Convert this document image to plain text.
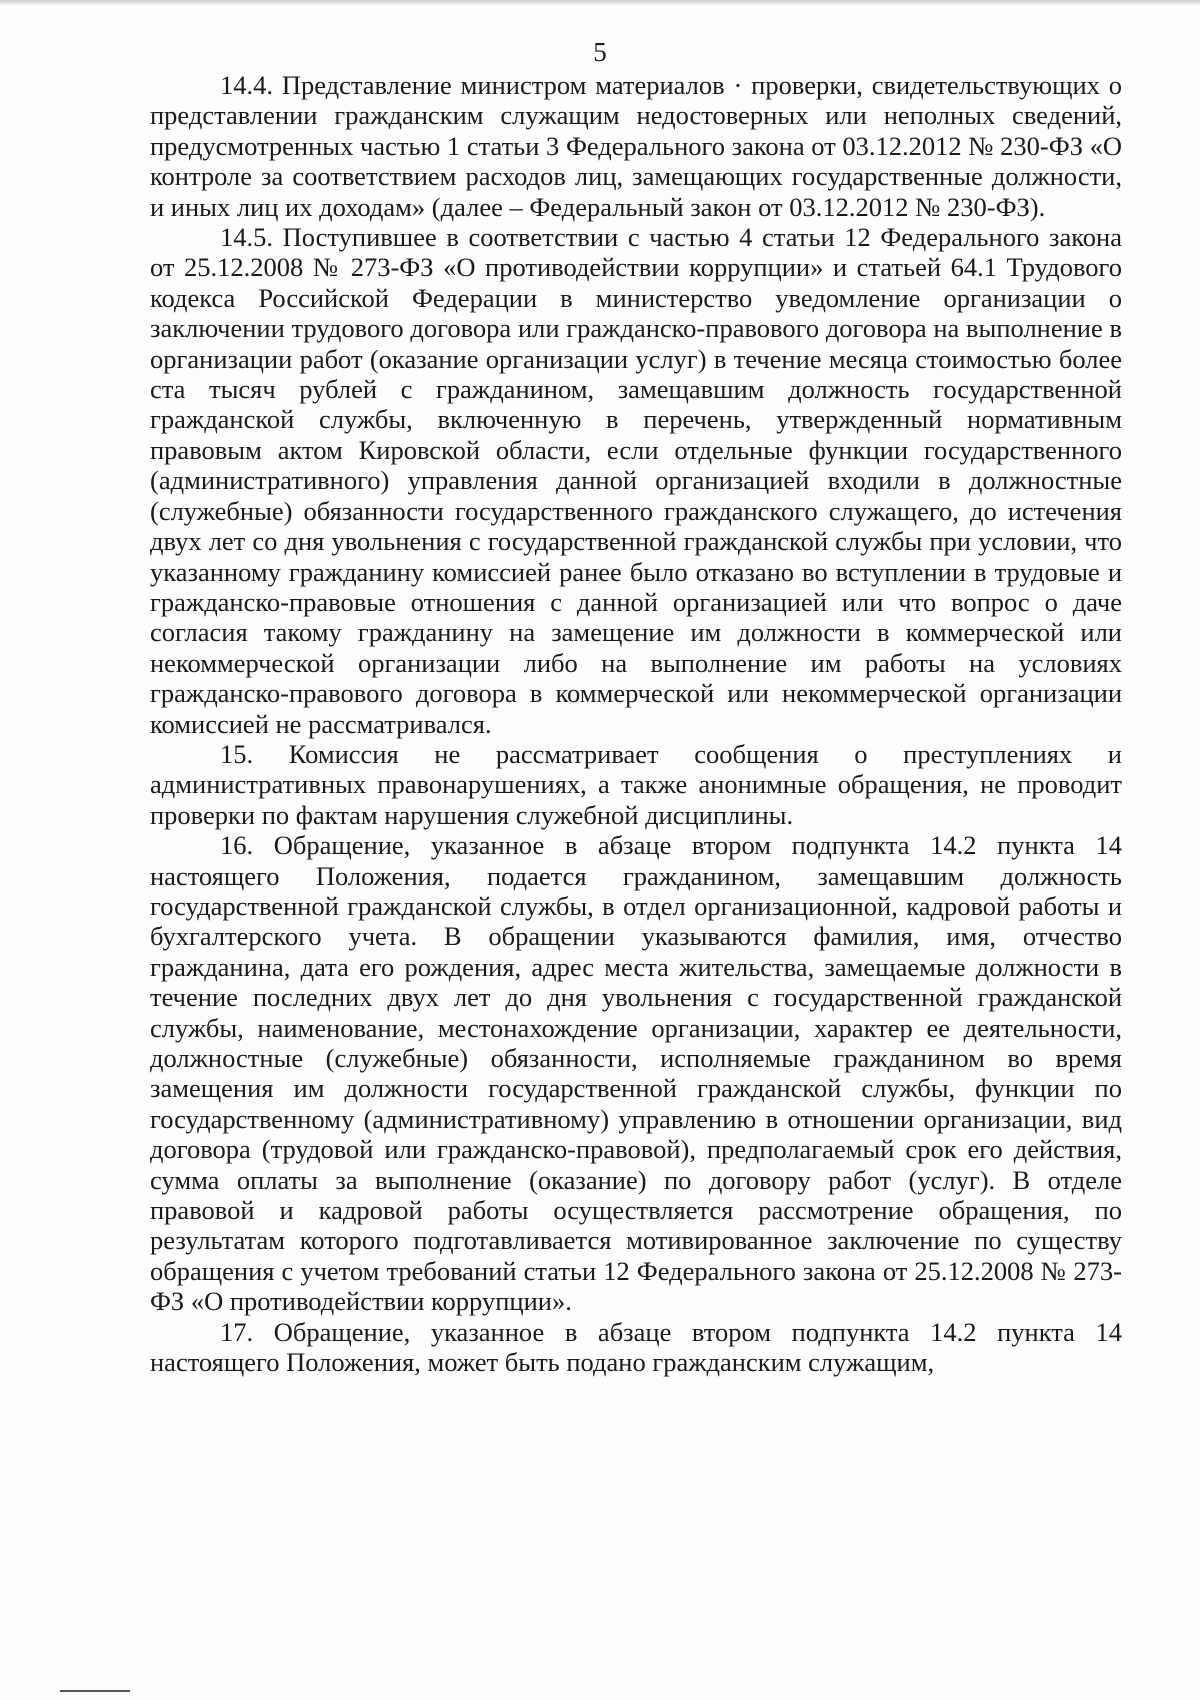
5

14.4. Представление министром материалов · проверки, свидетельствующих о представлении гражданским служащим недостоверных или неполных сведений, предусмотренных частью 1 статьи 3 Федерального закона от 03.12.2012 № 230-ФЗ «О контроле за соответствием расходов лиц, замещающих государственные должности, и иных лиц их доходам» (далее – Федеральный закон от 03.12.2012 № 230-ФЗ).

14.5. Поступившее в соответствии с частью 4 статьи 12 Федерального закона от 25.12.2008 № 273-ФЗ «О противодействии коррупции» и статьей 64.1 Трудового кодекса Российской Федерации в министерство уведомление организации о заключении трудового договора или гражданско-правового договора на выполнение в организации работ (оказание организации услуг) в течение месяца стоимостью более ста тысяч рублей с гражданином, замещавшим должность государственной гражданской службы, включенную в перечень, утвержденный нормативным правовым актом Кировской области, если отдельные функции государственного (административного) управления данной организацией входили в должностные (служебные) обязанности государственного гражданского служащего, до истечения двух лет со дня увольнения с государственной гражданской службы при условии, что указанному гражданину комиссией ранее было отказано во вступлении в трудовые и гражданско-правовые отношения с данной организацией или что вопрос о даче согласия такому гражданину на замещение им должности в коммерческой или некоммерческой организации либо на выполнение им работы на условиях гражданско-правового договора в коммерческой или некоммерческой организации комиссией не рассматривался.

15. Комиссия не рассматривает сообщения о преступлениях и административных правонарушениях, а также анонимные обращения, не проводит проверки по фактам нарушения служебной дисциплины.

16. Обращение, указанное в абзаце втором подпункта 14.2 пункта 14 настоящего Положения, подается гражданином, замещавшим должность государственной гражданской службы, в отдел организационной, кадровой работы и бухгалтерского учета. В обращении указываются фамилия, имя, отчество гражданина, дата его рождения, адрес места жительства, замещаемые должности в течение последних двух лет до дня увольнения с государственной гражданской службы, наименование, местонахождение организации, характер ее деятельности, должностные (служебные) обязанности, исполняемые гражданином во время замещения им должности государственной гражданской службы, функции по государственному (административному) управлению в отношении организации, вид договора (трудовой или гражданско-правовой), предполагаемый срок его действия, сумма оплаты за выполнение (оказание) по договору работ (услуг). В отделе правовой и кадровой работы осуществляется рассмотрение обращения, по результатам которого подготавливается мотивированное заключение по существу обращения с учетом требований статьи 12 Федерального закона от 25.12.2008 № 273-ФЗ «О противодействии коррупции».

17. Обращение, указанное в абзаце втором подпункта 14.2 пункта 14 настоящего Положения, может быть подано гражданским служащим,
